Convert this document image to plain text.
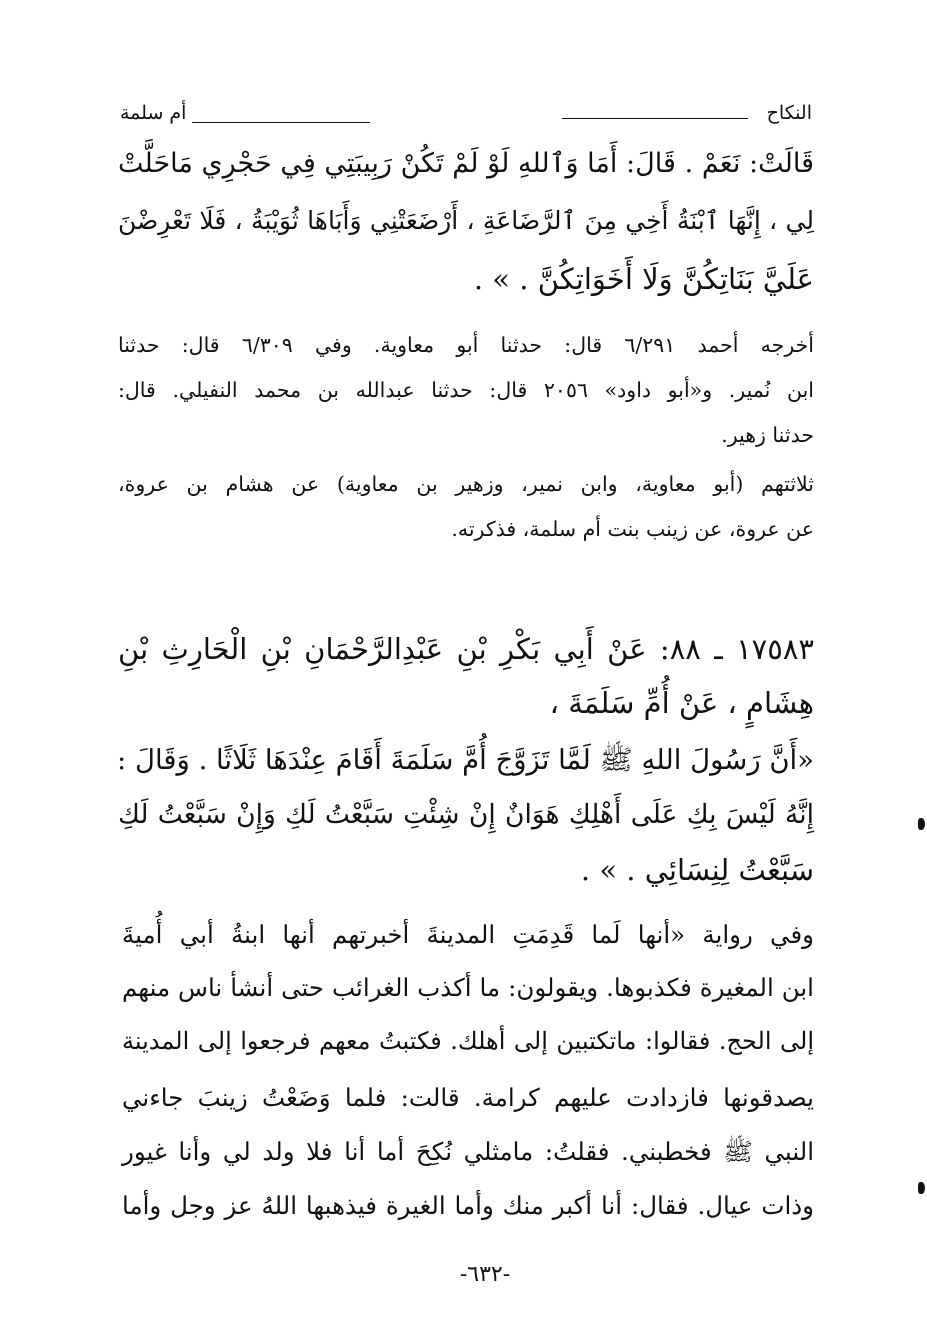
النكاح
أم سلمة
قَالَتْ: نَعَمْ . قَالَ: أَمَا وَٱللهِ لَوْ لَمْ تَكُنْ رَبِيبَتِي فِي حَجْرِي مَاحَلَّتْ
لِي ، إِنَّهَا ٱبْنَةُ أَخِي مِنَ ٱلرَّضَاعَةِ ، أَرْضَعَتْنِي وَأَبَاهَا ثُوَيْبَةُ ، فَلَا تَعْرِضْنَ
عَلَيَّ بَنَاتِكُنَّ وَلَا أَخَوَاتِكُنَّ . » .
أخرجه أحمد ٦/٢٩١ قال: حدثنا أبو معاوية. وفي ٦/٣٠٩ قال: حدثنا
ابن نُمير. و«أبو داود» ٢٠٥٦ قال: حدثنا عبدالله بن محمد النفيلي. قال:
حدثنا زهير.
ثلاثتهم (أبو معاوية، وابن نمير، وزهير بن معاوية) عن هشام بن عروة،
عن عروة، عن زينب بنت أم سلمة، فذكرته.
١٧٥٨٣ ـ ٨٨: عَنْ أَبِي بَكْرِ بْنِ عَبْدِالرَّحْمَانِ بْنِ الْحَارِثِ بْنِ
هِشَامٍ ، عَنْ أُمِّ سَلَمَةَ ،
«أَنَّ رَسُولَ اللهِ ﷺ لَمَّا تَزَوَّجَ أُمَّ سَلَمَةَ أَقَامَ عِنْدَهَا ثَلَاثًا . وَقَالَ :
إِنَّهُ لَيْسَ بِكِ عَلَى أَهْلِكِ هَوَانٌ إِنْ شِئْتِ سَبَّعْتُ لَكِ وَإِنْ سَبَّعْتُ لَكِ
سَبَّعْتُ لِنِسَائِي . » .
وفي رواية «أنها لَما قَدِمَتِ المدينةَ أخبرتهم أنها ابنةُ أبي أُميةَ
ابن المغيرة فكذبوها. ويقولون: ما أكذب الغرائب حتى أنشأ ناس منهم
إلى الحج. فقالوا: ماتكتبين إلى أهلك. فكتبتُ معهم فرجعوا إلى المدينة
يصدقونها فازدادت عليهم كرامة. قالت: فلما وَضَعْتُ زينبَ جاءني
النبي ﷺ فخطبني. فقلتُ: مامثلي نُكِحَ أما أنا فلا ولد لي وأنا غيور
وذات عيال. فقال: أنا أكبر منك وأما الغيرة فيذهبها اللهُ عز وجل وأما
-٦٣٢-
